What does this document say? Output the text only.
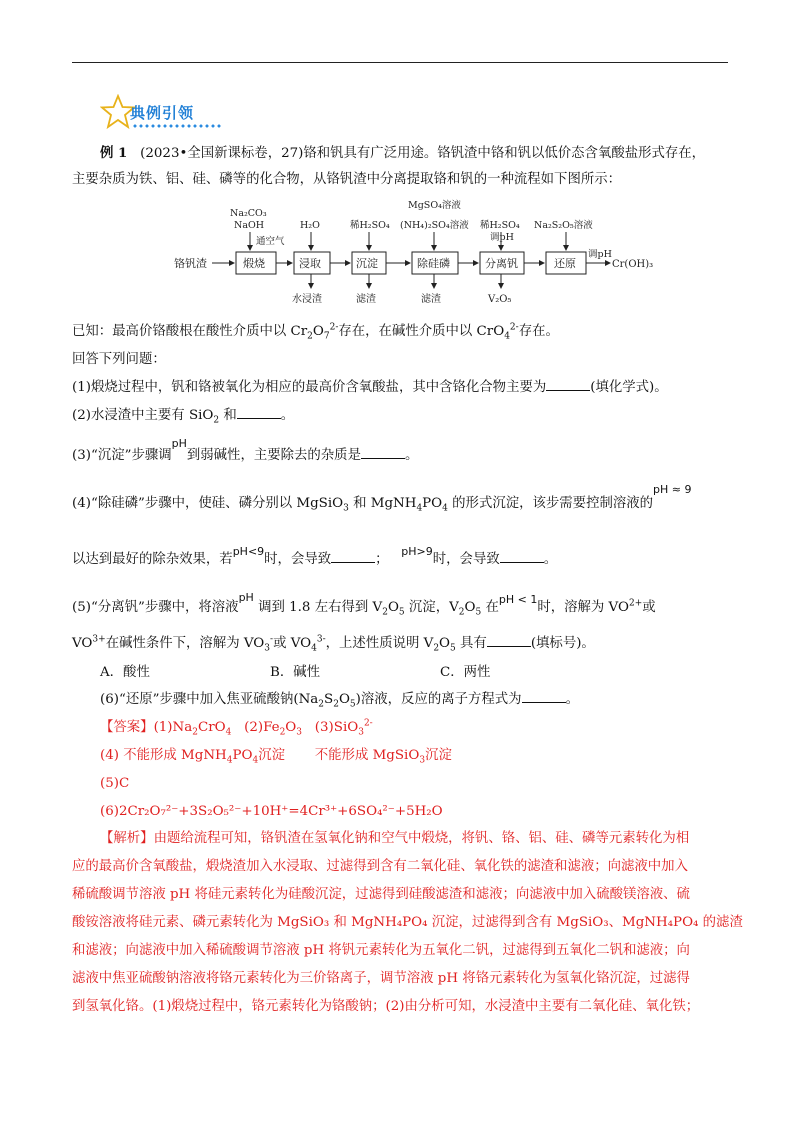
典例引领
例 1 (2023•全国新课标卷，27)铬和钒具有广泛用途。铬钒渣中铬和钒以低价态含氧酸盐形式存在，
主要杂质为铁、铝、硅、磷等的化合物，从铬钒渣中分离提取铬和钒的一种流程如下图所示：
铬钒渣	煅烧	浸取	沉淀	除硅磷	分离钒	还原	Cr(OH)₃
Na₂CO₃
NaOH
通空气
H₂O	稀H₂SO₄
MgSO₄溶液
(NH₄)₂SO₄溶液 稀H₂SO₄
调pH
Na₂S₂O₅溶液
调pH
水浸渣	滤渣	滤渣	V₂O₅
已知：最高价铬酸根在酸性介质中以 $Cr_2O_7^{2-}$存在，在碱性介质中以 CrO$_4^{2-}$存在。
回答下列问题：
(1)煅烧过程中，钒和铬被氧化为相应的最高价含氧酸盐，其中含铬化合物主要为	(填化学式)。
(2)水浸渣中主要有 SiO$_2$ 和	。
(3)“沉淀”步骤调$^{pH}$到弱碱性，主要除去的杂质是	。
(4)“除硅磷”步骤中，使硅、磷分别以 MgSiO$_3$ 和 $MgNH_4PO_4$ 的形式沉淀，该步需要控制溶液的$^{pH \approx 9}$
以达到最好的除杂效果，若$^{pH<9}$时，会导致	；   $^{pH>9}$时，会导致	。
(5)“分离钒”步骤中，将溶液$^{pH}$ 调到 1.8 左右得到 $V_2O_5$ 沉淀，$V_2O_5$ 在$^{pH < 1}$时，溶解为 $VO^{2+}$或
$VO^{3+}$在碱性条件下，溶解为 $VO_3^-$或 $VO_4^{3-}$，上述性质说明 $V_2O_5$ 具有	(填标号)。
A．酸性	B．碱性	C．两性
(6)“还原”步骤中加入焦亚硫酸钠$(Na_2S_2O_5)$溶液，反应的离子方程式为	。
【答案】$(1)Na_2CrO_4$ $(2)Fe_2O_3$ (3)SiO$_3^{2-}$
(4) 不能形成 $MgNH_4PO_4$沉淀 不能形成 MgSiO$_3$沉淀
(5)C
(6)2Cr₂O₇²⁻+3S₂O₅²⁻+10H⁺=4Cr³⁺+6SO₄²⁻+5H₂O
【解析】由题给流程可知，铬钒渣在氢氧化钠和空气中煅烧，将钒、铬、铝、硅、磷等元素转化为相
应的最高价含氧酸盐，煅烧渣加入水浸取、过滤得到含有二氧化硅、氧化铁的滤渣和滤液；向滤液中加入
稀硫酸调节溶液 pH 将硅元素转化为硅酸沉淀，过滤得到硅酸滤渣和滤液；向滤液中加入硫酸镁溶液、硫
酸铵溶液将硅元素、磷元素转化为 MgSiO₃ 和 MgNH₄PO₄ 沉淀，过滤得到含有 MgSiO₃、MgNH₄PO₄ 的滤渣
和滤液；向滤液中加入稀硫酸调节溶液 pH 将钒元素转化为五氧化二钒，过滤得到五氧化二钒和滤液；向
滤液中焦亚硫酸钠溶液将铬元素转化为三价铬离子，调节溶液 pH 将铬元素转化为氢氧化铬沉淀，过滤得
到氢氧化铬。(1)煅烧过程中，铬元素转化为铬酸钠；(2)由分析可知，水浸渣中主要有二氧化硅、氧化铁；
